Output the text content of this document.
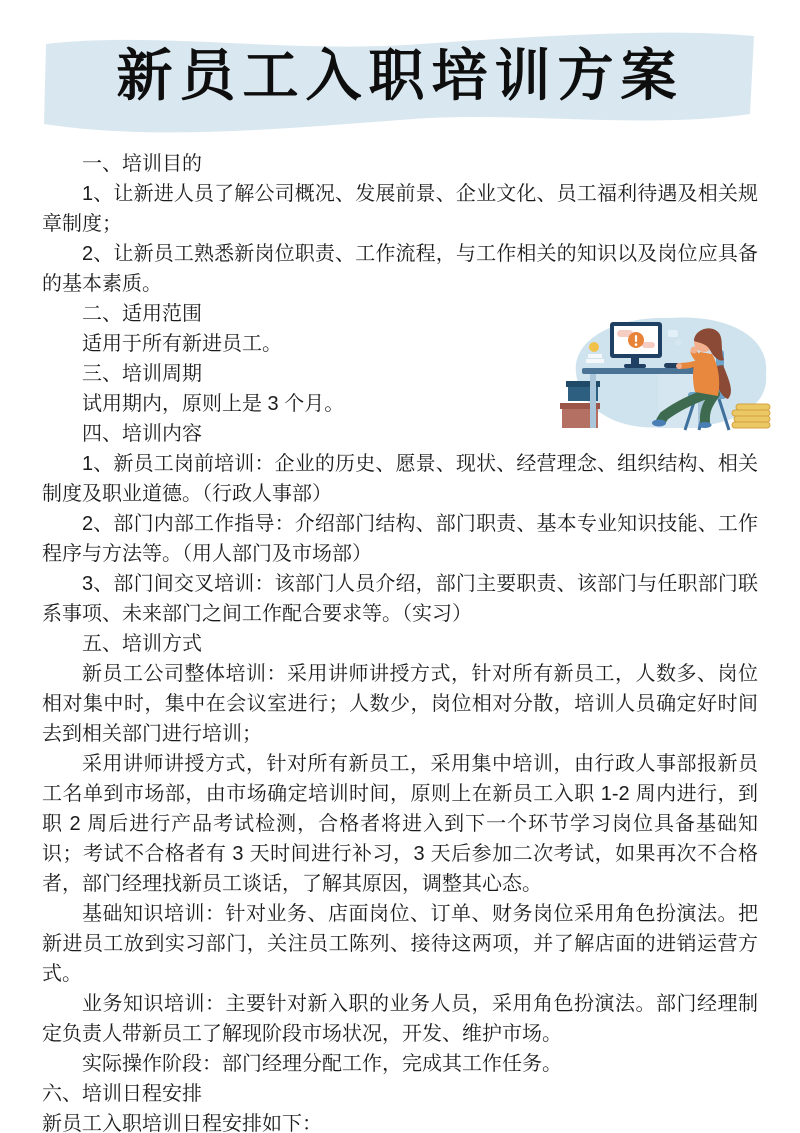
新员工入职培训方案

一、培训目的

1、让新进人员了解公司概况、发展前景、企业文化、员工福利待遇及相关规章制度；

2、让新员工熟悉新岗位职责、工作流程，与工作相关的知识以及岗位应具备的基本素质。

二、适用范围

适用于所有新进员工。

三、培训周期

试用期内，原则上是 3 个月。

四、培训内容

1、新员工岗前培训：企业的历史、愿景、现状、经营理念、组织结构、相关制度及职业道德。（行政人事部）

2、部门内部工作指导：介绍部门结构、部门职责、基本专业知识技能、工作程序与方法等。（用人部门及市场部）

3、部门间交叉培训：该部门人员介绍，部门主要职责、该部门与任职部门联系事项、未来部门之间工作配合要求等。（实习）

五、培训方式

新员工公司整体培训：采用讲师讲授方式，针对所有新员工，人数多、岗位相对集中时，集中在会议室进行；人数少，岗位相对分散，培训人员确定好时间去到相关部门进行培训；

采用讲师讲授方式，针对所有新员工，采用集中培训，由行政人事部报新员工名单到市场部，由市场确定培训时间，原则上在新员工入职 1-2 周内进行，到职 2 周后进行产品考试检测，合格者将进入到下一个环节学习岗位具备基础知识；考试不合格者有 3 天时间进行补习，3 天后参加二次考试，如果再次不合格者，部门经理找新员工谈话，了解其原因，调整其心态。

基础知识培训：针对业务、店面岗位、订单、财务岗位采用角色扮演法。把新进员工放到实习部门，关注员工陈列、接待这两项，并了解店面的进销运营方式。

业务知识培训：主要针对新入职的业务人员，采用角色扮演法。部门经理制定负责人带新员工了解现阶段市场状况，开发、维护市场。

实际操作阶段：部门经理分配工作，完成其工作任务。

六、培训日程安排

新员工入职培训日程安排如下：
